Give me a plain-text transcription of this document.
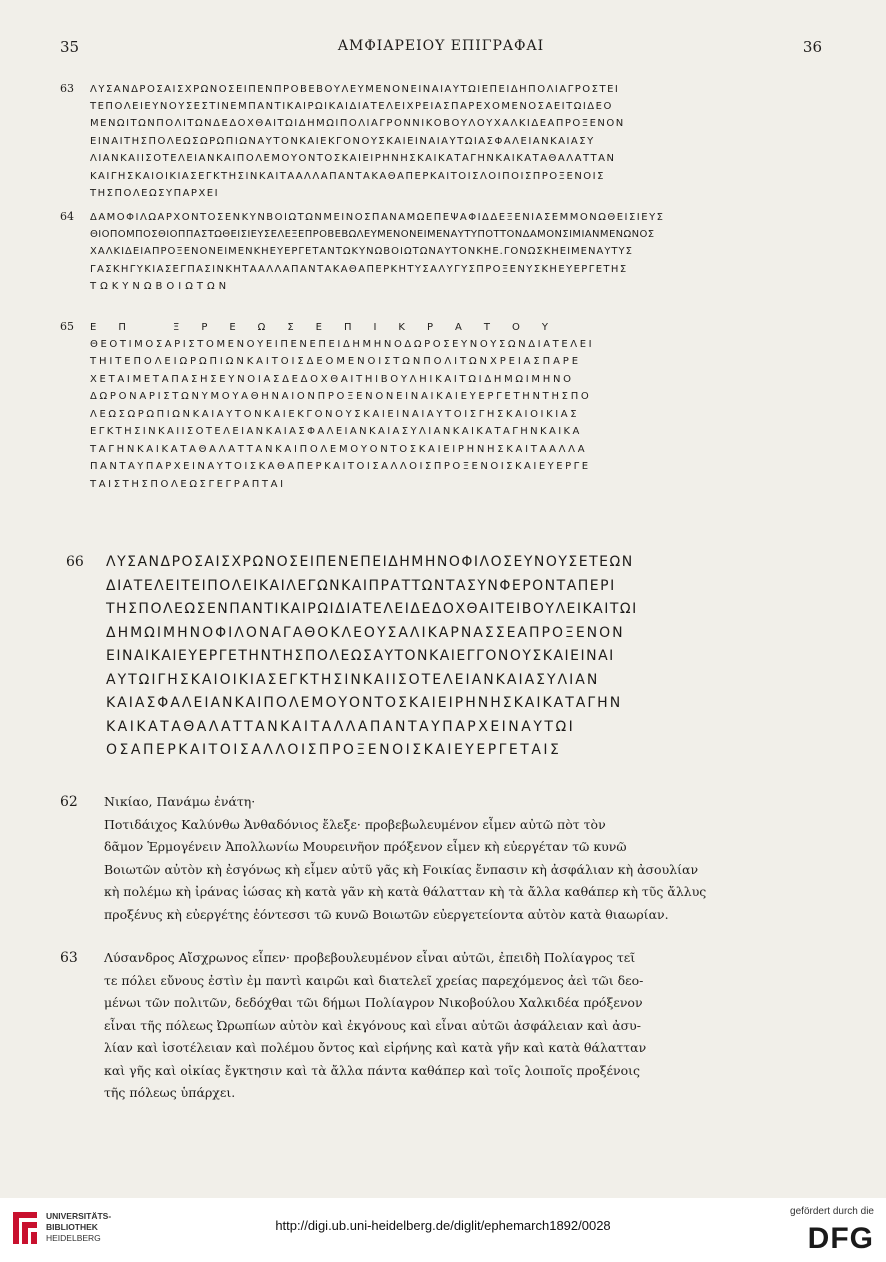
35	ΑΜΦΙΑΡΕΙΟΥ ΕΠΙΓΡΑΦΑΙ	36
63 ΛΥΣΑΝΔΡΟΣΑΙΣΧΡΩΝΟΣΕΙΠΕΝΠΡΟΒΕΒΟΥΛΕΥΜΕΝΟΝΕΙΝΑΙΑΥΤΩΙΕΠΕΙΔΗΠΟΛΙΑΓΡΟΣΤΕΙ
ΤΕΠΟΛΕΙΕΥΝΟΥΣΕΣΤΙΝΕΜΠΑΝΤΙΚΑΙΡΩΙΚΑΙΔΙΑΤΕΛΕΙΧΡΕΙΑΣΠΑΡΕΧΟΜΕΝΟΣΑΕΙΤΩΙΔΕΟ
ΜΕΝΩΙΤΩΝΠΟΛΙΤΩΝΔΕΔΟΧΘΑΙΤΩΙΔΗΜΩΙΠΟΛΙΑΓΡΟΝΝΙΚΟΒΟΥΛΟΥΧΑΛΚΙΔΕΑΠΡΟΞΕΝΟΝ
ΕΙΝΑΙΤΗΣΠΟΛΕΩΣΩΡΩΠΙΩΝΑΥΤΟΝΚΑΙΕΚΓΟΝΟΥΣΚΑΙΕΙΝΑΙΑΥΤΩΙΑΣΦΑΛΕΙΑΝΚΑΙΑΣΥ
ΛΙΑΝΚΑΙΙΣΟΤΕΛΕΙΑΝΚΑΙΠΟΛΕΜΟΥΟΝΤΟΣΚΑΙΕΙΡΗΝΗΣΚΑΙΚΑΤΑΓΗΝΚΑΙΚΑΤΑΘΑΛΑΤΤΑΝ
ΚΑΙΓΗΣΚΑΙΟΙΚΙΑΣΕΓΚΤΗΣΙΝΚΑΙΤΑΑΛΛΑΠΑΝΤΑΚΑΘΑΠΕΡΚΑΙΤΟΙΣΛΟΙΠΟΙΣΠΡΟΞΕΝΟΙΣ
ΤΗΣΠΟΛΕΩΣΥΠΑΡΧΕΙ
64 ΔΑΜΟΦΙΛΩΑΡΧΟΝΤΟΣΕΝΚΥΝΒΟΙΩΤΩΝΜΕΙΝΟΣΠΑΝΑΜΩΕΠΕΨΑΦΙΔΔΕΞΕΝΙΑΣΕΜΜΟΝΩΘΕΙΣΙΕΥΣ
ΘΙΟΠΟΜΠΟΣΘΙΟΠΠΑΣΤΩΘΕΙΣΙΕΥΣΕΛΕΞΕΠΡΟΒΕΒΩΛΕΥΜΕΝΟΝΕΙΜΕΝΑΥΤΥΠΟΤΤΟΝΔΑΜΟΝΣΙΜΙΑΝΜΕΝΩΝΟΣ
ΧΑΛΚΙΔΕΙΑΠΡΟΞΕΝΟΝΕΙΜΕΝΚΗΕΥΕΡΓΕΤΑΝΤΩΚΥΝΩΒΟΙΩΤΩΝΑΥΤΟΝΚΗΕ.ΓΟΝΩΣΚΗΕΙΜΕΝΑΥΤΥΣ
ΓΑΣΚΗΓΥΚΙΑΣΕΓΠΑΣΙΝΚΗΤΑΑΛΛΑΠΑΝΤΑΚΑΘΑΠΕΡΚΗΤΥΣΑΛΥΓΥΣΠΡΟΞΕΝΥΣΚΗΕΥΕΡΓΕΤΗΣ
ΤΩΚΥΝΩΒΟΙΩΤΩΝ
65 ΕΠ ΞΡΕΩΣΕΠΙΚΡΑΤΟΥ
ΘΕΟΤΙΜΟΣΑΡΙΣΤΟΜΕΝΟΥΕΙΠΕΝΕΠΕΙΔΗΜΗΝΟΔΩΡΟΣΕΥΝΟΥΣΩΝΔΙΑΤΕΛΕΙ
ΤΗΙΤΕΠΟΛΕΙΩΡΩΠΙΩΝΚΑΙΤΟΙΣΔΕΟΜΕΝΟΙΣΤΩΝΠΟΛΙΤΩΝΧΡΕΙΑΣΠΑΡΕ
ΧΕΤΑΙΜΕΤΑΠΑΣΗΣΕΥΝΟΙΑΣΔΕΔΟΧΘΑΙΤΗΙΒΟΥΛΗΙΚΑΙΤΩΙΔΗΜΩΙΜΗΝΟ
ΔΩΡΟΝΑΡΙΣΤΩΝΥΜΟΥΑΘΗΝΑΙΟΝΠΡΟΞΕΝΟΝΕΙΝΑΙΚΑΙΕΥΕΡΓΕΤΗΝΤΗΣΠΟ
ΛΕΩΣΩΡΩΠΙΩΝΚΑΙΑΥΤΟΝΚΑΙΕΚΓΟΝΟΥΣΚΑΙΕΙΝΑΙΑΥΤΟΙΣΓΗΣΚΑΙΟΙΚΙΑΣ
ΕΓΚΤΗΣΙΝΚΑΙΙΣΟΤΕΛΕΙΑΝΚΑΙΑΣΦΑΛΕΙΑΝΚΑΙΑΣΥΛΙΑΝΚΑΙΚΑΤΑΓΗΝΚΑΙΚΑ
ΤΑΓΗΝΚΑΙΚΑΤΑΘΑΛΑΤΤΑΝΚΑΙΠΟΛΕΜΟΥΟΝΤΟΣΚΑΙΕΙΡΗΝΗΣΚΑΙΤΑΑΛΛΑ
ΠΑΝΤΑΥΠΑΡΧΕΙΝΑΥΤΟΙΣΚΑΘΑΠΕΡΚΑΙΤΟΙΣΑΛΛΟΙΣΠΡΟΞΕΝΟΙΣΚΑΙΕΥΕΡΓΕ
ΤΑΙΣΤΗΣΠΟΛΕΩΣΓΕΓΡΑΠΤΑΙ
66 ΛΥΣΑΝΔΡΟΣΑΙΣΧΡΩΝΟΣΕΙΠΕΝΕΠΕΙΔΗΜΗΝΟΦΙΛΟΣΕΥΝΟΥΣΕΤΕΩΝ
ΔΙΑΤΕΛΕΙΤΕΙΠΟΛΕΙΚΑΙΛΕΓΩΝΚΑΙΠΡΑΤΤΩΝΤΑΣΥΝΦΕΡΟΝΤΑΠΕΡΙ
ΤΗΣΠΟΛΕΩΣΕΝΠΑΝΤΙΚΑΙΡΩΙΔΙΑΤΕΛΕΙΔΕΔΟΧΘΑΙΤΕΙΒΟΥΛΕΙΚΑΙΤΩΙ
ΔΗΜΩΙΜΗΝΟΦΙΛΟΝΑΓΑΘΟΚΛΕΟΥΣΑΛΙΚΑΡΝΑΣΣΕΑΠΡΟΞΕΝΟΝ
ΕΙΝΑΙΚΑΙΕΥΕΡΓΕΤΗΝΤΗΣΠΟΛΕΩΣΑΥΤΟΝΚΑΙΕΓΓΟΝΟΥΣΚΑΙΕΙΝΑΙ
ΑΥΤΩΙΓΗΣΚΑΙΟΙΚΙΑΣΕΓΚΤΗΣΙΝΚΑΙΙΣΟΤΕΛΕΙΑΝΚΑΙΑΣΥΛΙΑΝ
ΚΑΙΑΣΦΑΛΕΙΑΝΚΑΙΠΟΛΕΜΟΥΟΝΤΟΣΚΑΙΕΙΡΗΝΗΣΚΑΙΚΑΤΑΓΗΝ
ΚΑΙΚΑΤΑΘΑΛΑΤΤΑΝΚΑΙΤΑΛΛΑΠΑΝΤΑΥΠΑΡΧΕΙΝΑΥΤΩΙ
ΟΣΑΠΕΡΚΑΙΤΟΙΣΑΛΛΟΙΣΠΡΟΞΕΝΟΙΣΚΑΙΕΥΕΡΓΕΤΑΙΣ
62 Νικίαο, Πανάμω ἐνάτη·
Ποτιδάιχος Καλύνθω Ἀνθαδόνιος ἔλεξε· προβεβωλευμένον εἶμεν αὐτῶ πὸτ τὸν
δᾶμον Ἑρμογένειν Ἀπολλωνίω Μουρεινῆον πρόξενον εἶμεν κὴ εὐεργέταν τῶ κυνῶ
Βοιωτῶν αὐτὸν κὴ ἐσγόνως κὴ εἶμεν αὐτῦ γᾶς κὴ Fοικίας ἔνπασιν κὴ ἀσφάλιαν κὴ ἀσουλίαν
κὴ πολέμω κὴ ἰράνας ἰώσας κὴ κατὰ γᾶν κὴ κατὰ θάλατταν κὴ τὰ ἄλλα καθάπερ κὴ τῦς ἄλλυς
προξένυς κὴ εὐεργέτης ἐόντεσσι τῶ κυνῶ Βοιωτῶν εὐεργετείοντα αὐτὸν κατὰ θιαωρίαν.
63 Λύσανδρος Αἴσχρωνος εἶπεν· προβεβουλευμένον εἶναι αὐτῶι, ἐπειδὴ Πολίαγρος τεῖ
τε πόλει εὔνους ἐστὶν ἐμ παντὶ καιρῶι καὶ διατελεῖ χρείας παρεχόμενος ἀεὶ τῶι δεο-
μένωι τῶν πολιτῶν, δεδόχθαι τῶι δήμωι Πολίαγρον Νικοβούλου Χαλκιδέα πρόξενον
εἶναι τῆς πόλεως Ὠρωπίων αὐτὸν καὶ ἐκγόνους καὶ εἶναι αὐτῶι ἀσφάλειαν καὶ ἀσυ-
λίαν καὶ ἰσοτέλειαν καὶ πολέμου ὄντος καὶ εἰρήνης καὶ κατὰ γῆν καὶ κατὰ θάλατταν
καὶ γῆς καὶ οἰκίας ἔγκτησιν καὶ τὰ ἄλλα πάντα καθάπερ καὶ τοῖς λοιποῖς προξένοις
τῆς πόλεως ὑπάρχει.
UNIVERSITÄTS-
BIBLIOTHEK
HEIDELBERG
http://digi.ub.uni-heidelberg.de/diglit/ephemarch1892/0028
gefördert durch die
DFG
